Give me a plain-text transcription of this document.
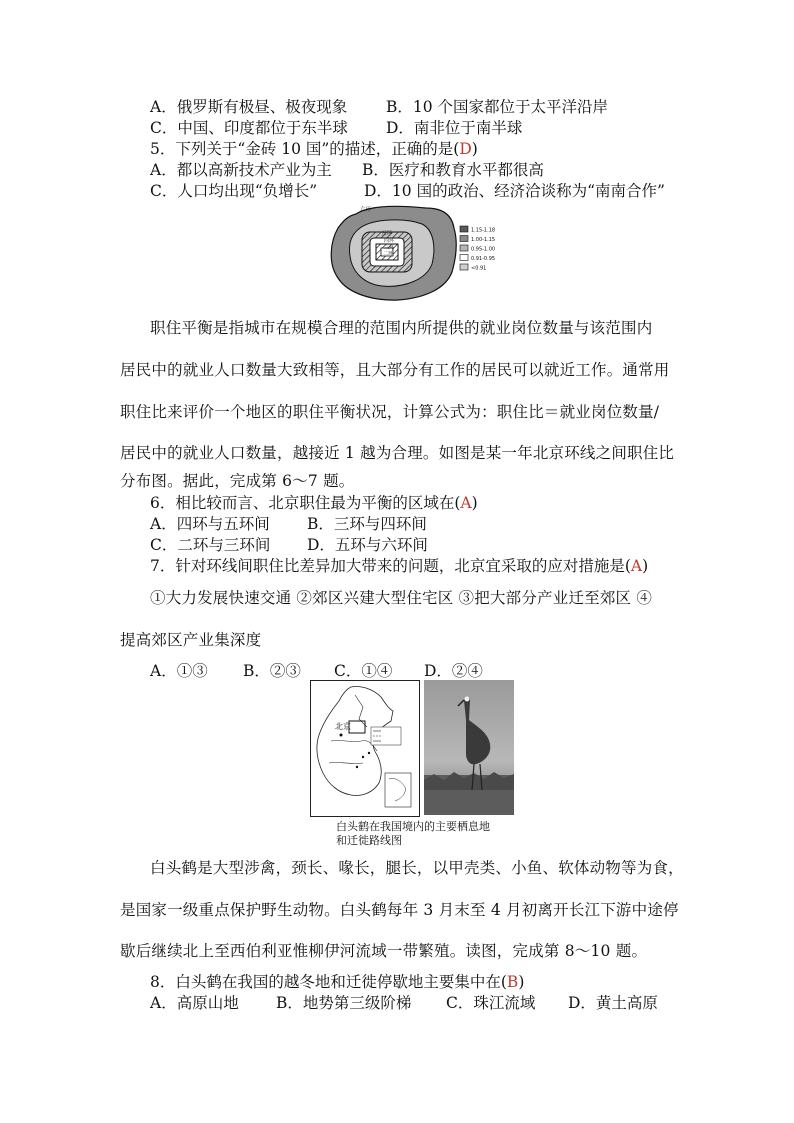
A．俄罗斯有极昼、极夜现象	B．10 个国家都位于太平洋沿岸
C．中国、印度都位于东半球 D．南非位于南半球
5．下列关于“金砖 10 国”的描述，正确的是(D)
A．都以高新技术产业为主 B．医疗和教育水平都很高
C．人口均出现“负增长”	D．10 国的政治、经济洽谈称为“南南合作”
六环
五环
四环
三环
二环
1.15-1.18
1.00-1.15
0.95-1.00
0.91-0.95
<0.91
职住平衡是指城市在规模合理的范围内所提供的就业岗位数量与该范围内
居民中的就业人口数量大致相等，且大部分有工作的居民可以就近工作。通常用
职住比来评价一个地区的职住平衡状况，计算公式为：职住比＝就业岗位数量/
居民中的就业人口数量，越接近 1 越为合理。如图是某一年北京环线之间职住比
分布图。据此，完成第 6～7 题。
6．相比较而言、北京职住最为平衡的区域在(A)
A．四环与五环间 B．三环与四环间
C．二环与三环间 D．五环与六环间
7．针对环线间职住比差异加大带来的问题，北京宜采取的应对措施是(A)
①大力发展快速交通 ②郊区兴建大型住宅区 ③把大部分产业迁至郊区 ④
提高郊区产业集深度
A．①③ B．②③ C．①④ D．②④
北京
白头鹤在我国境内的主要栖息地
和迁徙路线图
白头鹤是大型涉禽，颈长、喙长，腿长，以甲壳类、小鱼、软体动物等为食，
是国家一级重点保护野生动物。白头鹤每年 3 月末至 4 月初离开长江下游中途停
歇后继续北上至西伯利亚惟柳伊河流域一带繁殖。读图，完成第 8～10 题。
8．白头鹤在我国的越冬地和迁徙停歇地主要集中在(B)
A．高原山地 B．地势第三级阶梯 C．珠江流域 D．黄土高原
